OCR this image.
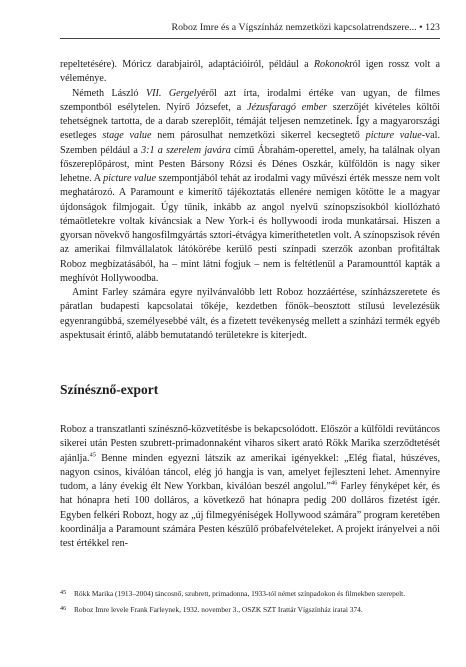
Roboz Imre és a Vígszínház nemzetközi kapcsolatrendszere... • 123

repeltetésére). Móricz darabjairól, adaptációiról, például a Rokonokról igen rossz volt a véleménye.

Németh László VII. Gergelyéről azt írta, irodalmi értéke van ugyan, de filmes szempontból esélytelen. Nyírő Józsefet, a Jézusfaragó ember szerzőjét kivételes költői tehetségnek tartotta, de a darab szereplőit, témáját teljesen nemzetinek. Így a magyarországi esetleges stage value nem párosulhat nemzetközi sikerrel kecsegtető picture value-val. Szemben például a 3:1 a szerelem javára című Ábrahám-operettel, amely, ha találnak olyan főszereplőpárost, mint Pesten Bársony Rózsi és Dénes Oszkár, külföldön is nagy siker lehetne. A picture value szempontjából tehát az irodalmi vagy művészi érték messze nem volt meghatározó. A Paramount e kimerítő tájékoztatás ellenére nemigen kötötte le a magyar újdonságok filmjogait. Úgy tűnik, inkább az angol nyelvű színopszisokból kiollózható témaötletekre voltak kíváncsiak a New York-i és hollywoodi iroda munkatársai. Hiszen a gyorsan növekvő hangosfilmgyártás sztori-étvágya kimeríthetetlen volt. A színopszisok révén az amerikai filmvállalatok látókörébe kerülő pesti színpadi szerzők azonban profitáltak Roboz megbízatásából, ha – mint látni fogjuk – nem is feltétlenül a Paramounttól kapták a meghívót Hollywoodba.

Amint Farley számára egyre nyilvánvalóbb lett Roboz hozzáértése, színházszeretete és páratlan budapesti kapcsolatai tőkéje, kezdetben főnök–beosztott stílusú levelezésük egyenrangúbbá, személyesebbé vált, és a fizetett tevékenység mellett a színházi termék egyéb aspektusait érintő, alább bemutatandó területekre is kiterjedt.

Színésznő-export

Roboz a transzatlanti színésznő-közvetítésbe is bekapcsolódott. Először a külföldi revütáncos sikerei után Pesten szubrett-primadonnaként viharos sikert arató Rökk Marika szerződtetését ajánlja.$^{45}$ Benne minden egyezni látszik az amerikai igényekkel: „Elég fiatal, húszéves, nagyon csinos, kiválóan táncol, elég jó hangja is van, amelyet fejleszteni lehet. Amennyire tudom, a lány évekig élt New Yorkban, kiválóan beszél angolul.”$^{46}$ Farley fényképet kér, és hat hónapra heti 100 dolláros, a következő hat hónapra pedig 200 dolláros fizetést ígér. Egyben felkéri Robozt, hogy az „új filmegyéniségek Hollywood számára” program keretében koordinálja a Paramount számára Pesten készülő próbafelvételeket. A projekt irányelvei a női test értékkel ren-

45	Rökk Marika (1913–2004) táncosnő, szubrett, primadonna, 1933-tól német színpadokon és filmekben szerepelt.
46	Roboz Imre levele Frank Farleynek, 1932. november 3., OSZK SZT Irattár Vígszínház iratai 374.
